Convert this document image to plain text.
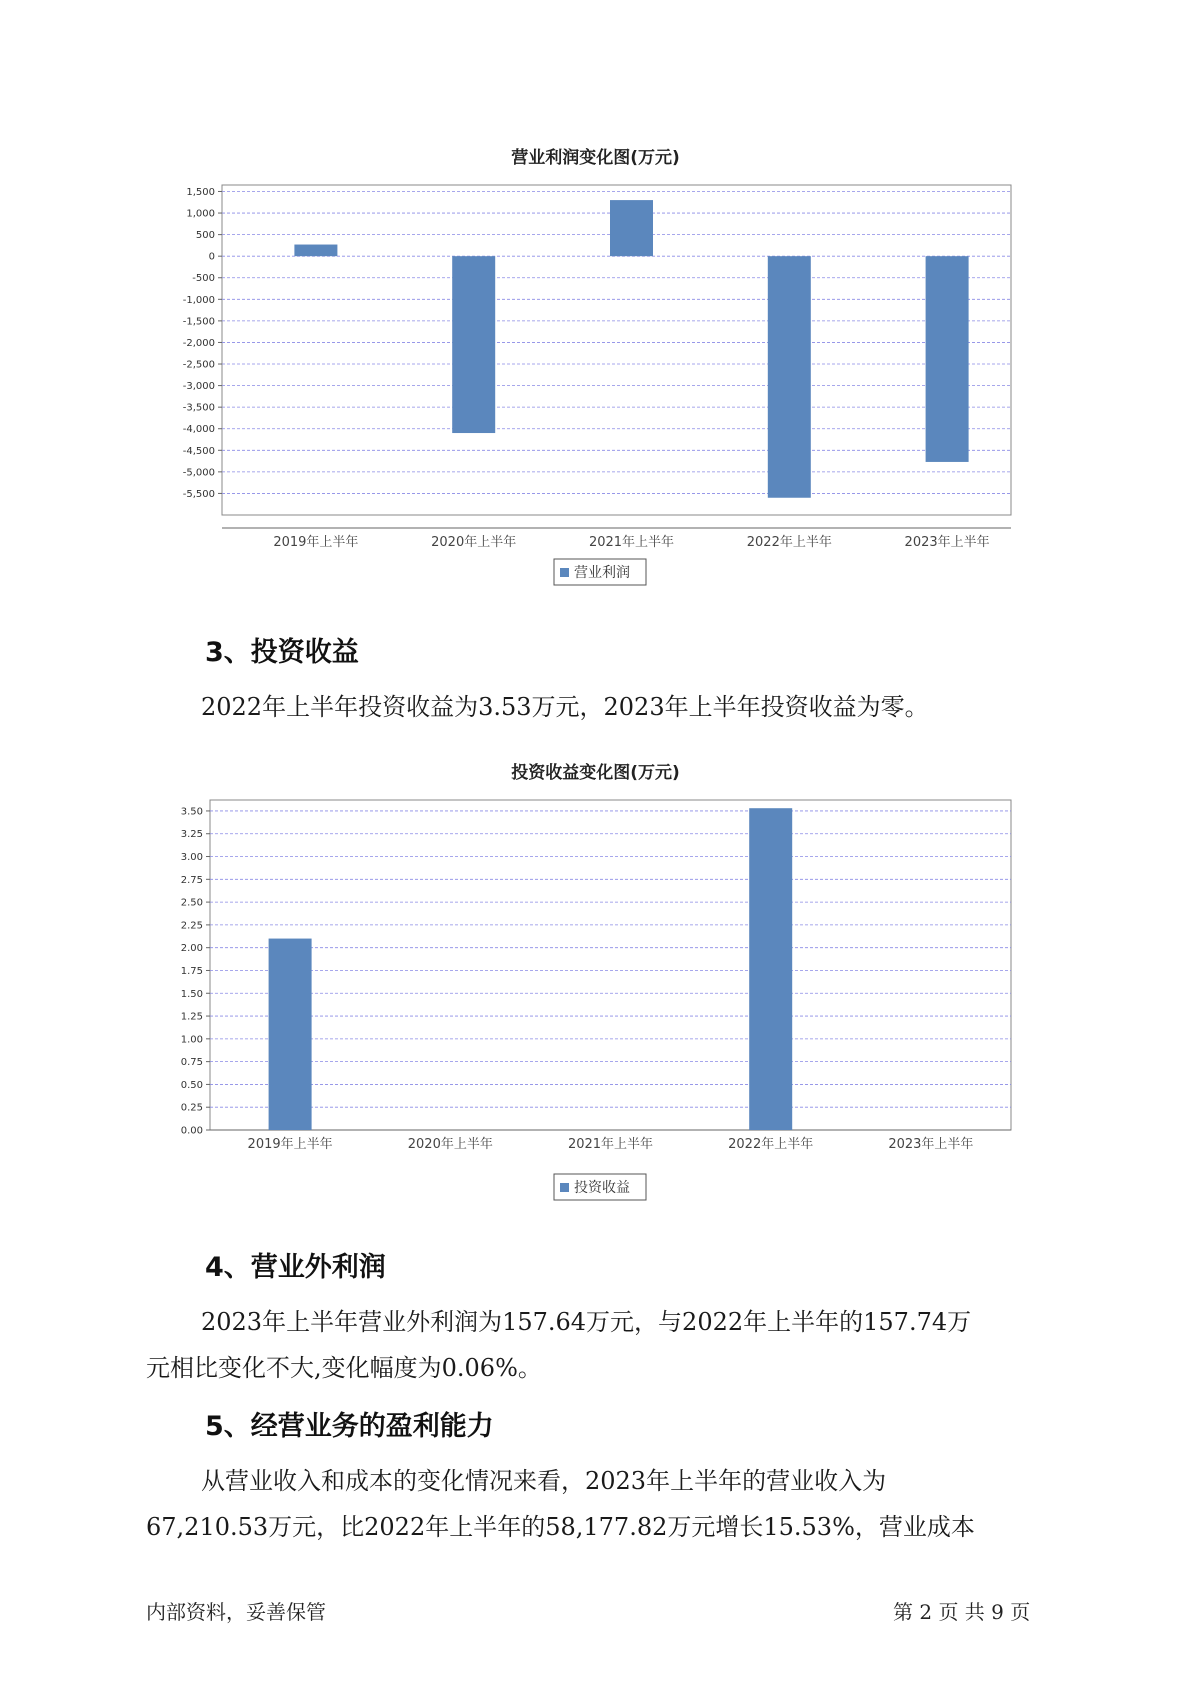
营业利润变化图(万元)
1,500
1,000
500
0
-500
-1,000
-1,500
-2,000
-2,500
-3,000
-3,500
-4,000
-4,500
-5,000
-5,500
2019年上半年	2020年上半年	2021年上半年	2022年上半年	2023年上半年
营业利润
3、投资收益
2022年上半年投资收益为3.53万元，2023年上半年投资收益为零。
投资收益变化图(万元)
3.50
3.25
3.00
2.75
2.50
2.25
2.00
1.75
1.50
1.25
1.00
0.75
0.50
0.25
0.00
2019年上半年	2020年上半年	2021年上半年	2022年上半年	2023年上半年
投资收益
4、营业外利润
2023年上半年营业外利润为157.64万元，与2022年上半年的157.74万
元相比变化不大,变化幅度为0.06%。
5、经营业务的盈利能力
从营业收入和成本的变化情况来看，2023年上半年的营业收入为
67,210.53万元，比2022年上半年的58,177.82万元增长15.53%，营业成本
内部资料，妥善保管	第 2 页 共 9 页
